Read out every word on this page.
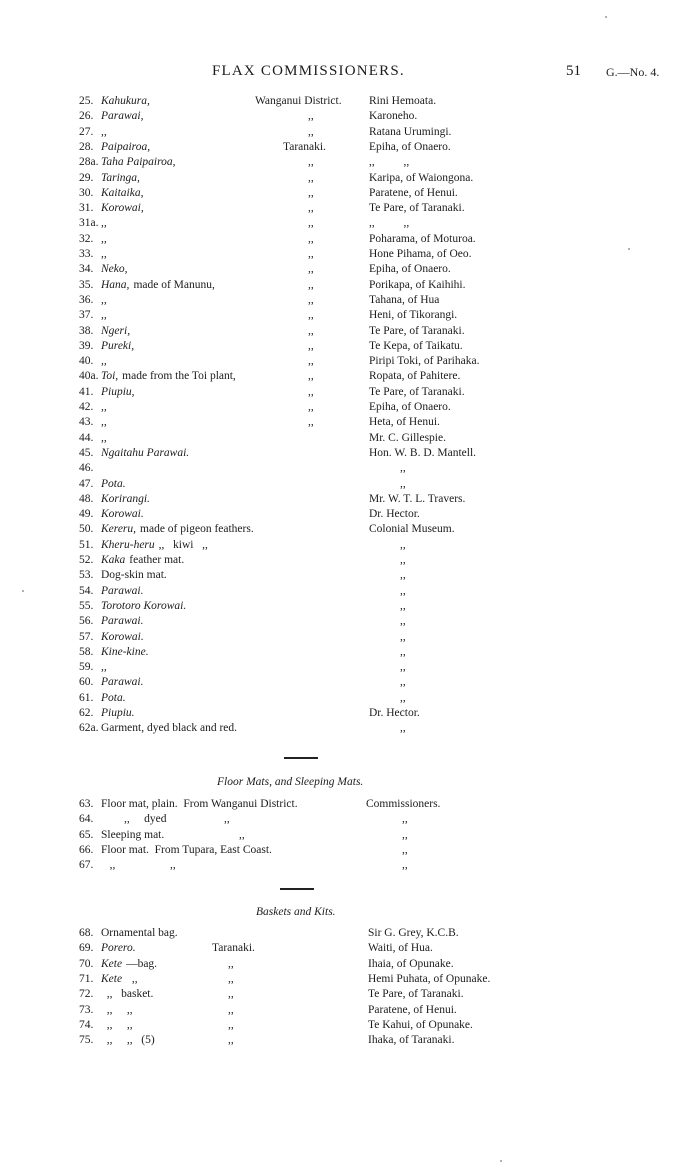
FLAX COMMISSIONERS.	51 G.—No. 4.
25. Kahukura,	Wanganui District. Rini Hemoata.
26. Parawai,	,,	Karoneho.
27. ,,	,,	Ratana Urumingi.
28. Paipairoa,	Taranaki.	Epiha, of Onaero.
28a. Taha Paipairoa,	,,	,,          ,,
29. Taringa,	,,	Karipa, of Waiongona.
30. Kaitaika,	,,	Paratene, of Henui.
31. Korowai,	,,	Te Pare, of Taranaki.
31a. ,,	,,	,,          ,,
32. ,,	,,	Poharama, of Moturoa.
33. ,,	,,	Hone Pihama, of Oeo.
34. Neko,	,,	Epiha, of Onaero.
35. Hana, made of Manunu,	,,	Porikapa, of Kaihihi.
36. ,,	,,	Tahana, of Hua
37. ,,	,,	Heni, of Tikorangi.
38. Ngeri,	,,	Te Pare, of Taranaki.
39. Pureki,	,,	Te Kepa, of Taikatu.
40. ,,	,,	Piripi Toki, of Parihaka.
40a. Toi, made from the Toi plant,	,,	Ropata, of Pahitere.
41. Piupiu,	,,	Te Pare, of Taranaki.
42. ,,	,,	Epiha, of Onaero.
43. ,,	,,	Heta, of Henui.
44. ,,	Mr. C. Gillespie.
45. Ngaitahu Parawai.	Hon. W. B. D. Mantell.
46.	,,
47. Pota.	,,
48. Korirangi.	Mr. W. T. L. Travers.
49. Korowai.	Dr. Hector.
50. Kereru, made of pigeon feathers.	Colonial Museum.
51. Kheru-heru ,,   kiwi   ,,	,,
52. Kaka feather mat.	,,
53. Dog-skin mat.	,,
54. Parawai.	,,
55. Torotoro Korowai.	,,
56. Parawai.	,,
57. Korowai.	,,
58. Kine-kine.	,,
59. ,,	,,
60. Parawai.	,,
61. Pota.	,,
62. Piupiu.	Dr. Hector.
62a. Garment, dyed black and red.	,,
Floor Mats, and Sleeping Mats.
63. Floor mat, plain.  From Wanganui District.	Commissioners.
64. ,,     dyed                    ,,	,,
65. Sleeping mat.                          ,,	,,
66. Floor mat.  From Tupara, East Coast.	,,
67. ,,                   ,,	,,
Baskets and Kits.
68. Ornamental bag.	Sir G. Grey, K.C.B.
69. Porero.	Taranaki.	Waiti, of Hua.
70. Kete —bag.	,,	Ihaia, of Opunake.
71. Kete ,,	,,	Hemi Puhata, of Opunake.
72. ,,   basket.	,,	Te Pare, of Taranaki.
73. ,,     ,,	,,	Paratene, of Henui.
74. ,,     ,,	,,	Te Kahui, of Opunake.
75. ,,     ,,   (5)	,,	Ihaka, of Taranaki.
